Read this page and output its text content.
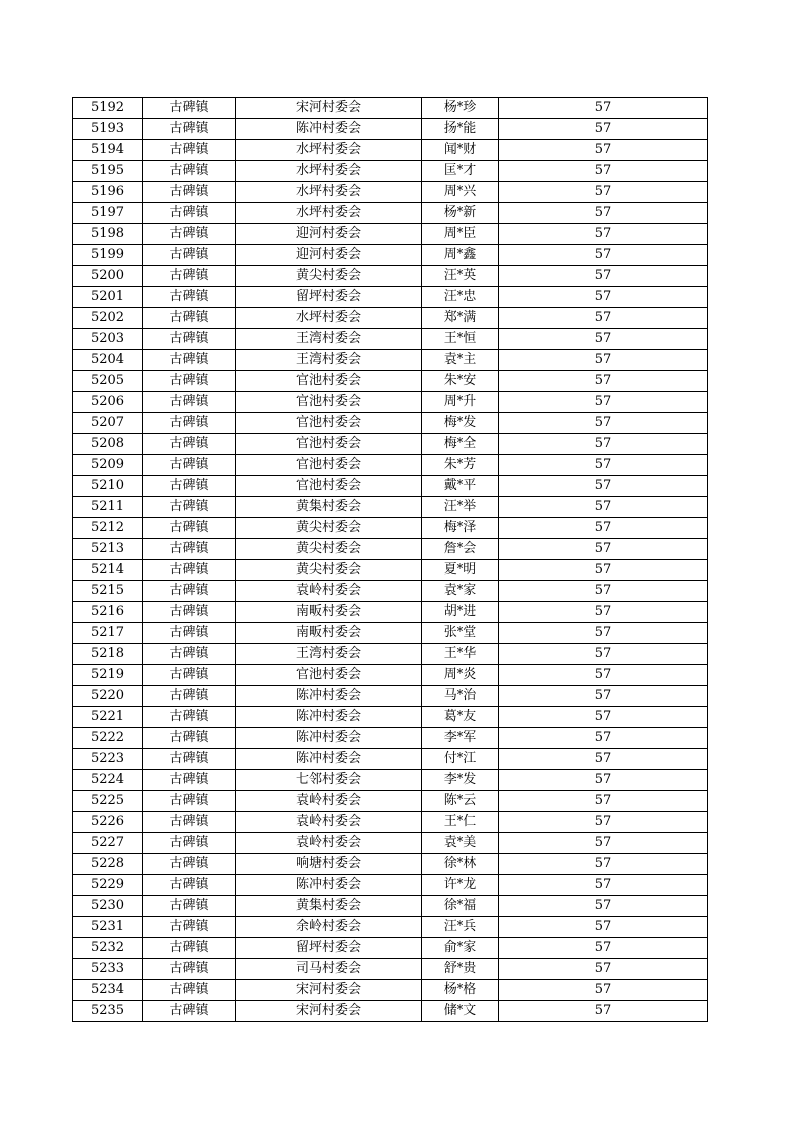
5192	古碑镇	宋河村委会	杨*珍	57
5193	古碑镇	陈冲村委会	扬*能	57
5194	古碑镇	水坪村委会	闻*财	57
5195	古碑镇	水坪村委会	匡*才	57
5196	古碑镇	水坪村委会	周*兴	57
5197	古碑镇	水坪村委会	杨*新	57
5198	古碑镇	迎河村委会	周*臣	57
5199	古碑镇	迎河村委会	周*鑫	57
5200	古碑镇	黄尖村委会	汪*英	57
5201	古碑镇	留坪村委会	汪*忠	57
5202	古碑镇	水坪村委会	郑*满	57
5203	古碑镇	王湾村委会	王*恒	57
5204	古碑镇	王湾村委会	袁*主	57
5205	古碑镇	官池村委会	朱*安	57
5206	古碑镇	官池村委会	周*升	57
5207	古碑镇	官池村委会	梅*发	57
5208	古碑镇	官池村委会	梅*全	57
5209	古碑镇	官池村委会	朱*芳	57
5210	古碑镇	官池村委会	戴*平	57
5211	古碑镇	黄集村委会	汪*举	57
5212	古碑镇	黄尖村委会	梅*泽	57
5213	古碑镇	黄尖村委会	詹*会	57
5214	古碑镇	黄尖村委会	夏*明	57
5215	古碑镇	袁岭村委会	袁*家	57
5216	古碑镇	南畈村委会	胡*进	57
5217	古碑镇	南畈村委会	张*堂	57
5218	古碑镇	王湾村委会	王*华	57
5219	古碑镇	官池村委会	周*炎	57
5220	古碑镇	陈冲村委会	马*治	57
5221	古碑镇	陈冲村委会	葛*友	57
5222	古碑镇	陈冲村委会	李*军	57
5223	古碑镇	陈冲村委会	付*江	57
5224	古碑镇	七邻村委会	李*发	57
5225	古碑镇	袁岭村委会	陈*云	57
5226	古碑镇	袁岭村委会	王*仁	57
5227	古碑镇	袁岭村委会	袁*美	57
5228	古碑镇	响塘村委会	徐*林	57
5229	古碑镇	陈冲村委会	许*龙	57
5230	古碑镇	黄集村委会	徐*福	57
5231	古碑镇	余岭村委会	汪*兵	57
5232	古碑镇	留坪村委会	俞*家	57
5233	古碑镇	司马村委会	舒*贵	57
5234	古碑镇	宋河村委会	杨*格	57
5235	古碑镇	宋河村委会	储*文	57
